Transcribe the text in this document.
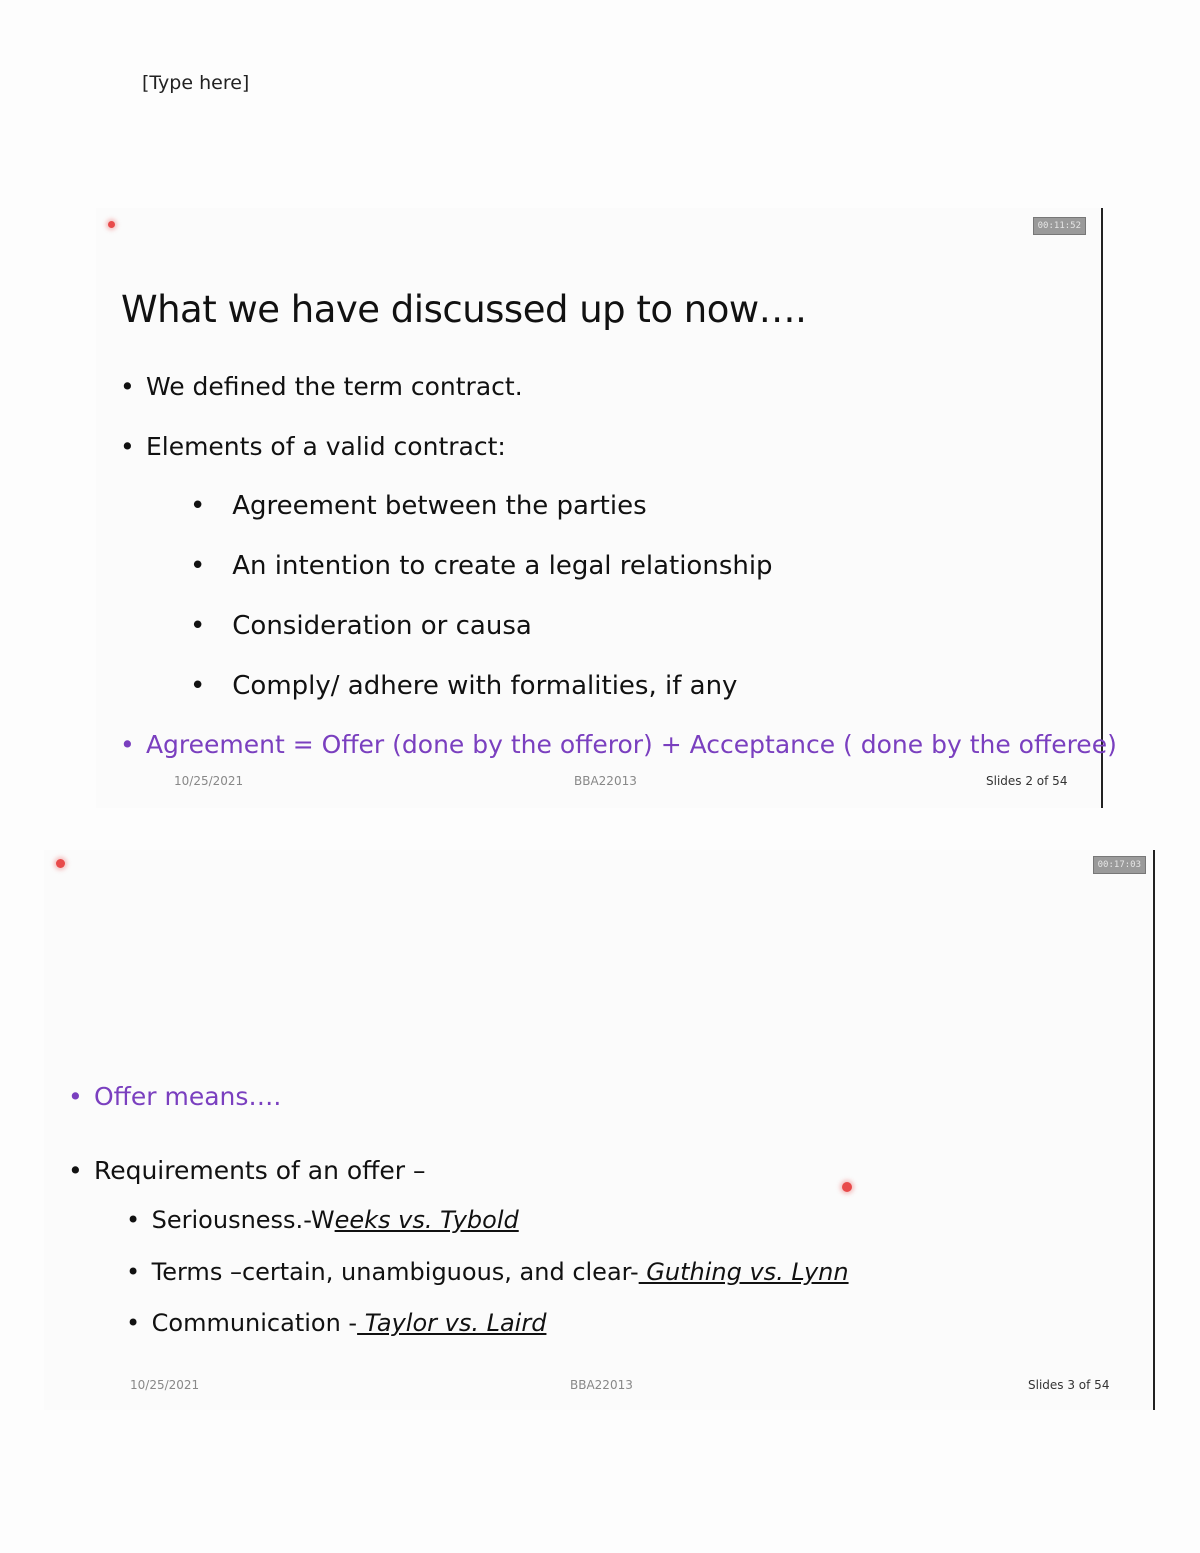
[Type here]
00:11:52
What we have discussed up to now….
• We defined the term contract.
• Elements of a valid contract:
• Agreement between the parties
• An intention to create a legal relationship
• Consideration or causa
• Comply/ adhere with formalities, if any
• Agreement = Offer (done by the offeror) + Acceptance ( done by the offeree)
10/25/2021	BBA22013	Slides 2 of 54
00:17:03
• Offer means….
• Requirements of an offer –
• Seriousness.-Weeks vs. Tybold
• Terms –certain, unambiguous, and clear- Guthing vs. Lynn
• Communication - Taylor vs. Laird
10/25/2021	BBA22013	Slides 3 of 54
